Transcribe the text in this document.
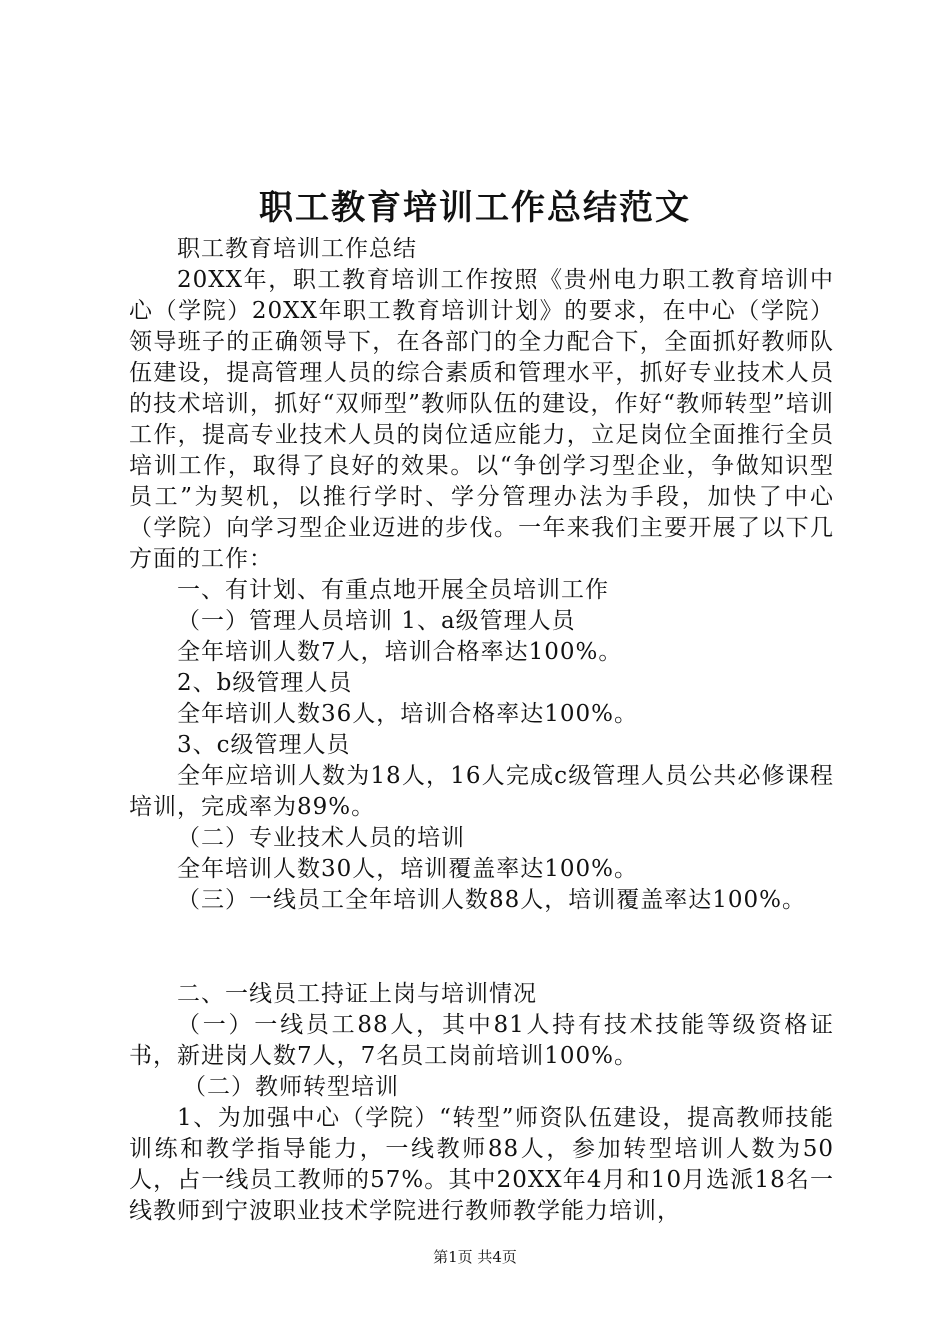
职工教育培训工作总结范文

职工教育培训工作总结

20XX年，职工教育培训工作按照《贵州电力职工教育培训中心（学院）20XX年职工教育培训计划》的要求，在中心（学院）领导班子的正确领导下，在各部门的全力配合下，全面抓好教师队伍建设，提高管理人员的综合素质和管理水平，抓好专业技术人员的技术培训，抓好“双师型”教师队伍的建设，作好“教师转型”培训工作，提高专业技术人员的岗位适应能力，立足岗位全面推行全员培训工作，取得了良好的效果。以“争创学习型企业，争做知识型员工”为契机，以推行学时、学分管理办法为手段，加快了中心（学院）向学习型企业迈进的步伐。一年来我们主要开展了以下几方面的工作：

一、有计划、有重点地开展全员培训工作

（一）管理人员培训 1、a级管理人员

全年培训人数7人，培训合格率达100%。

2、b级管理人员

全年培训人数36人，培训合格率达100%。

3、c级管理人员

全年应培训人数为18人，16人完成c级管理人员公共必修课程培训，完成率为89%。

（二）专业技术人员的培训

全年培训人数30人，培训覆盖率达100%。

（三）一线员工全年培训人数88人，培训覆盖率达100%。

二、一线员工持证上岗与培训情况

（一）一线员工88人，其中81人持有技术技能等级资格证书，新进岗人数7人，7名员工岗前培训100%。

（二）教师转型培训

1、为加强中心（学院）“转型”师资队伍建设，提高教师技能训练和教学指导能力，一线教师88人，参加转型培训人数为50人，占一线员工教师的57%。其中20XX年4月和10月选派18名一线教师到宁波职业技术学院进行教师教学能力培训，

第1页 共4页
